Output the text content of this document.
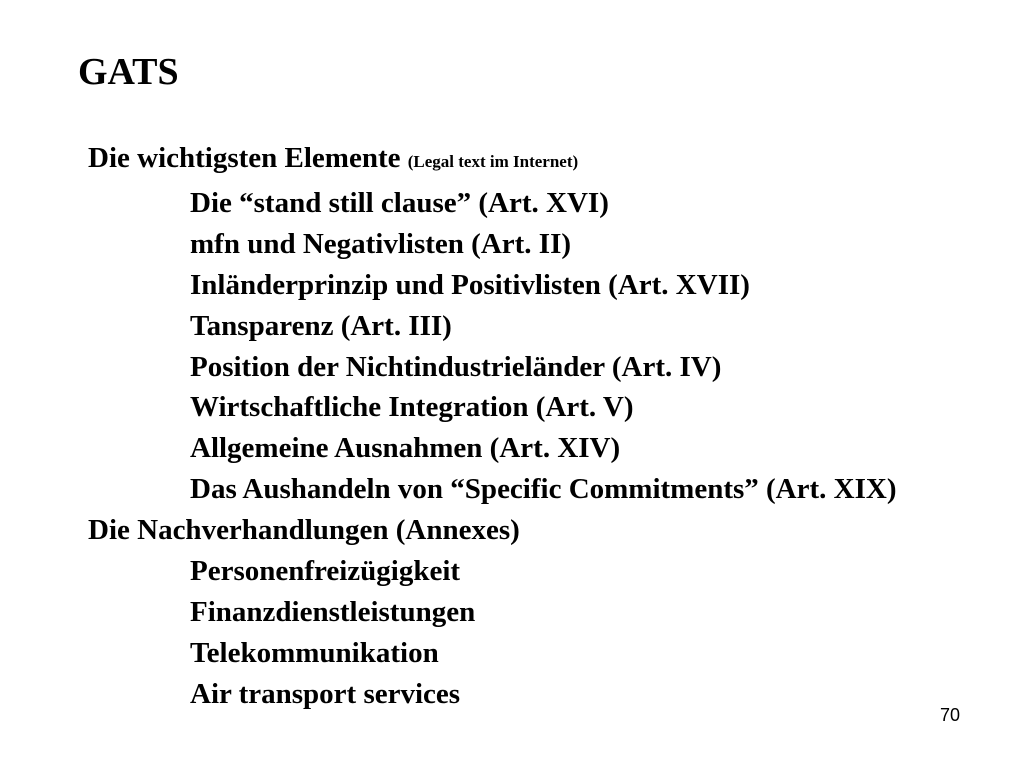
GATS
Die wichtigsten Elemente (Legal text im Internet)
Die “stand still clause” (Art. XVI)
mfn und Negativlisten (Art. II)
Inländerprinzip und Positivlisten (Art. XVII)
Tansparenz (Art. III)
Position der Nichtindustrieländer (Art. IV)
Wirtschaftliche Integration (Art. V)
Allgemeine Ausnahmen (Art. XIV)
Das Aushandeln von “Specific Commitments” (Art. XIX)
Die Nachverhandlungen (Annexes)
Personenfreizügigkeit
Finanzdienstleistungen
Telekommunikation
Air transport services
70
